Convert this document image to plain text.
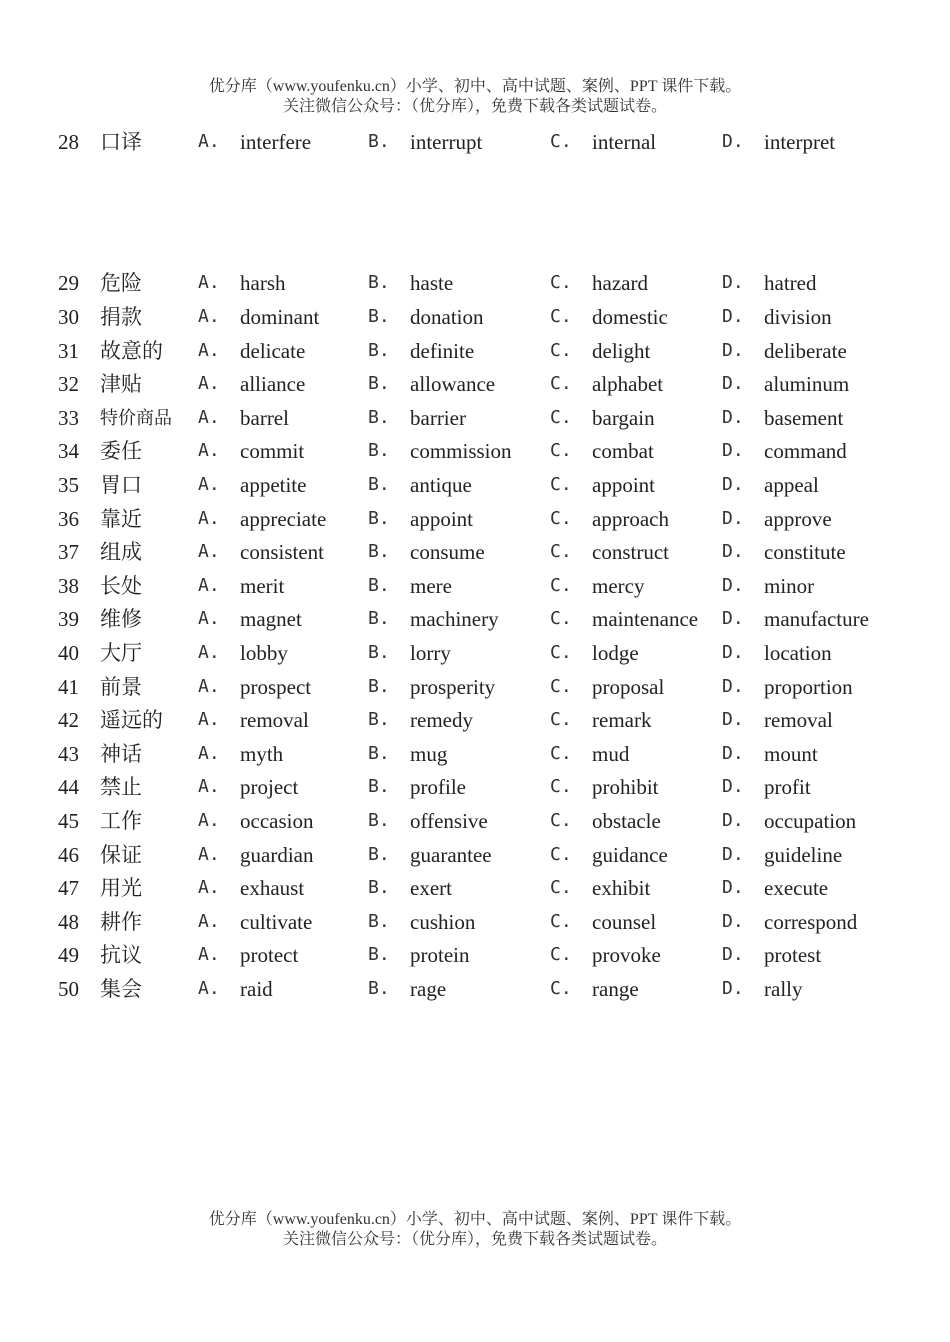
优分库（www.youfenku.cn）小学、初中、高中试题、案例、PPT 课件下载。
关注微信公众号：（优分库），免费下载各类试题试卷。
28 口译	A. interfere	B. interrupt	C. internal	D. interpret
29 危险	A. harsh	B. haste	C. hazard	D. hatred
30 捐款	A. dominant	B. donation	C. domestic	D. division
31 故意的 A. delicate	B. definite	C. delight	D. deliberate
32 津贴	A. alliance	B. allowance	C. alphabet	D. aluminum
33 特价商品 A. barrel	B. barrier	C. bargain	D. basement
34 委任	A. commit	B. commission C. combat	D. command
35 胃口	A. appetite	B. antique	C. appoint	D. appeal
36 靠近	A. appreciate B. appoint	C. approach	D. approve
37 组成	A. consistent B. consume	C. construct	D. constitute
38 长处	A. merit	B. mere	C. mercy	D. minor
39 维修	A. magnet	B. machinery	C. maintenance D. manufacture
40 大厅	A. lobby	B. lorry	C. lodge	D. location
41 前景	A. prospect	B. prosperity	C. proposal	D. proportion
42 遥远的 A. removal	B. remedy	C. remark	D. removal
43 神话	A. myth	B. mug	C. mud	D. mount
44 禁止	A. project	B. profile	C. prohibit	D. profit
45 工作	A. occasion	B. offensive	C. obstacle	D. occupation
46 保证	A. guardian	B. guarantee	C. guidance	D. guideline
47 用光	A. exhaust	B. exert	C. exhibit	D. execute
48 耕作	A. cultivate	B. cushion	C. counsel	D. correspond
49 抗议	A. protect	B. protein	C. provoke	D. protest
50 集会	A. raid	B. rage	C. range	D. rally
优分库（www.youfenku.cn）小学、初中、高中试题、案例、PPT 课件下载。
关注微信公众号：（优分库），免费下载各类试题试卷。
